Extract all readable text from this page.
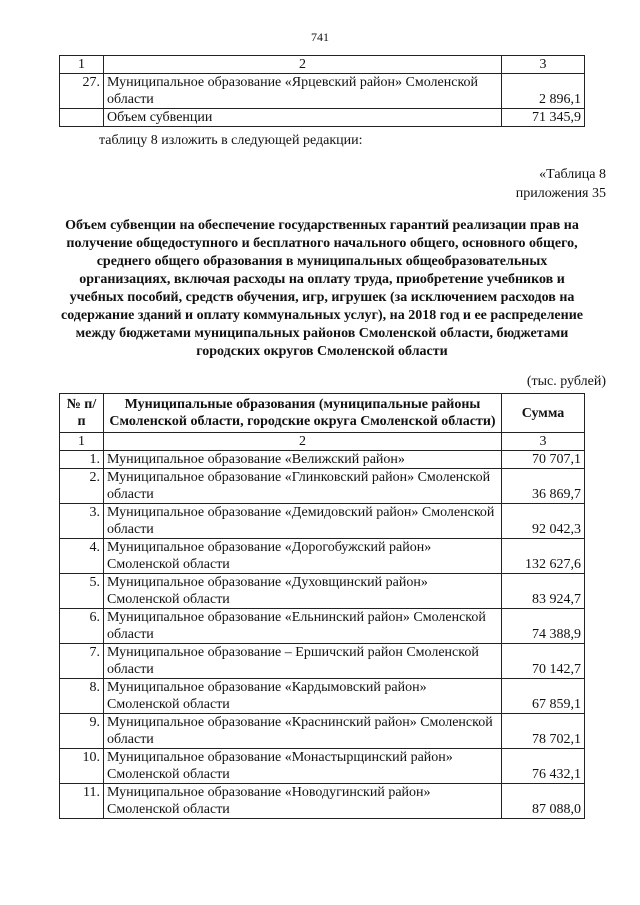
741
1	2	3
27.	Муниципальное образование «Ярцевский район» Смоленской области	2 896,1
	Объем субвенции	71 345,9
таблицу 8 изложить в следующей редакции:
«Таблица 8
приложения 35
Объем субвенции на обеспечение государственных гарантий реализации прав на получение общедоступного и бесплатного начального общего, основного общего, среднего общего образования в муниципальных общеобразовательных организациях, включая расходы на оплату труда, приобретение учебников и учебных пособий, средств обучения, игр, игрушек (за исключением расходов на содержание зданий и оплату коммунальных услуг), на 2018 год и ее распределение между бюджетами муниципальных районов Смоленской области, бюджетами городских округов Смоленской области
(тыс. рублей)
№ п/п	Муниципальные образования (муниципальные районы Смоленской области, городские округа Смоленской области)	Сумма
1	2	3
1.	Муниципальное образование «Велижский район»	70 707,1
2.	Муниципальное образование «Глинковский район» Смоленской области	36 869,7
3.	Муниципальное образование «Демидовский район» Смоленской области	92 042,3
4.	Муниципальное образование «Дорогобужский район» Смоленской области	132 627,6
5.	Муниципальное образование «Духовщинский район» Смоленской области	83 924,7
6.	Муниципальное образование «Ельнинский район» Смоленской области	74 388,9
7.	Муниципальное образование – Ершичский район Смоленской области	70 142,7
8.	Муниципальное образование «Кардымовский район» Смоленской области	67 859,1
9.	Муниципальное образование «Краснинский район» Смоленской области	78 702,1
10.	Муниципальное образование «Монастырщинский район» Смоленской области	76 432,1
11.	Муниципальное образование «Новодугинский район» Смоленской области	87 088,0
